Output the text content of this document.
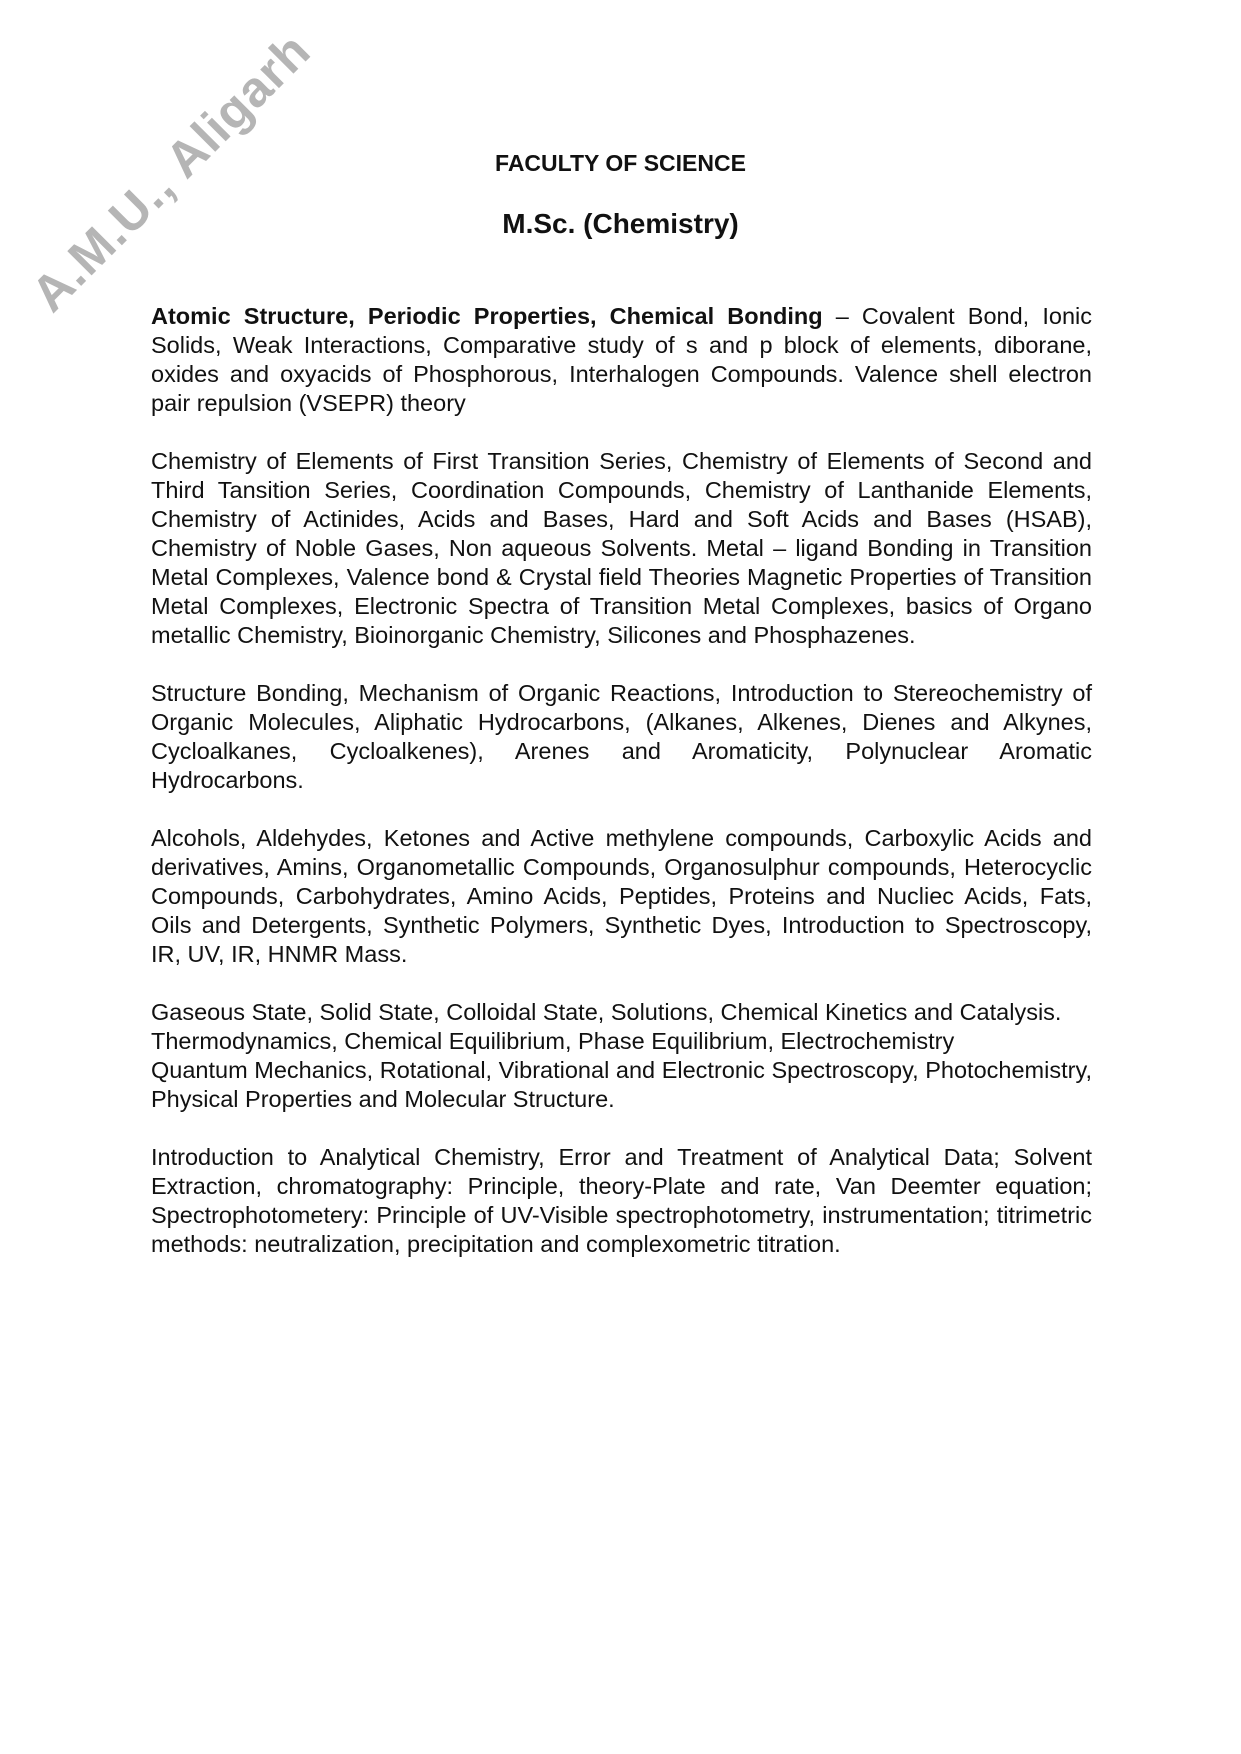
A.M.U., Aligarh	FACULTY OF SCIENCE
M.Sc. (Chemistry)

Atomic Structure, Periodic Properties, Chemical Bonding – Covalent Bond, Ionic Solids, Weak Interactions, Comparative study of s and p block of elements, diborane, oxides and oxyacids of Phosphorous, Interhalogen Compounds. Valence shell electron pair repulsion (VSEPR) theory

Chemistry of Elements of First Transition Series, Chemistry of Elements of Second and Third Tansition Series, Coordination Compounds, Chemistry of Lanthanide Elements, Chemistry of Actinides, Acids and Bases, Hard and Soft Acids and Bases (HSAB), Chemistry of Noble Gases, Non aqueous Solvents. Metal – ligand Bonding in Transition Metal Complexes, Valence bond & Crystal field Theories Magnetic Properties of Transition Metal Complexes, Electronic Spectra of Transition Metal Complexes, basics of Organo metallic Chemistry, Bioinorganic Chemistry, Silicones and Phosphazenes.

Structure Bonding, Mechanism of Organic Reactions, Introduction to Stereochemistry of Organic Molecules, Aliphatic Hydrocarbons, (Alkanes, Alkenes, Dienes and Alkynes, Cycloalkanes, Cycloalkenes), Arenes and Aromaticity, Polynuclear Aromatic Hydrocarbons.

Alcohols, Aldehydes, Ketones and Active methylene compounds, Carboxylic Acids and derivatives, Amins, Organometallic Compounds, Organosulphur compounds, Heterocyclic Compounds, Carbohydrates, Amino Acids, Peptides, Proteins and Nucliec Acids, Fats, Oils and Detergents, Synthetic Polymers, Synthetic Dyes, Introduction to Spectroscopy, IR, UV, IR, HNMR Mass.

Gaseous State, Solid State, Colloidal State, Solutions, Chemical Kinetics and Catalysis.

Thermodynamics, Chemical Equilibrium, Phase Equilibrium, Electrochemistry

Quantum Mechanics, Rotational, Vibrational and Electronic Spectroscopy, Photochemistry, Physical Properties and Molecular Structure.

Introduction to Analytical Chemistry, Error and Treatment of Analytical Data; Solvent Extraction, chromatography: Principle, theory-Plate and rate, Van Deemter equation; Spectrophotometery: Principle of UV-Visible spectrophotometry, instrumentation; titrimetric methods: neutralization, precipitation and complexometric titration.
